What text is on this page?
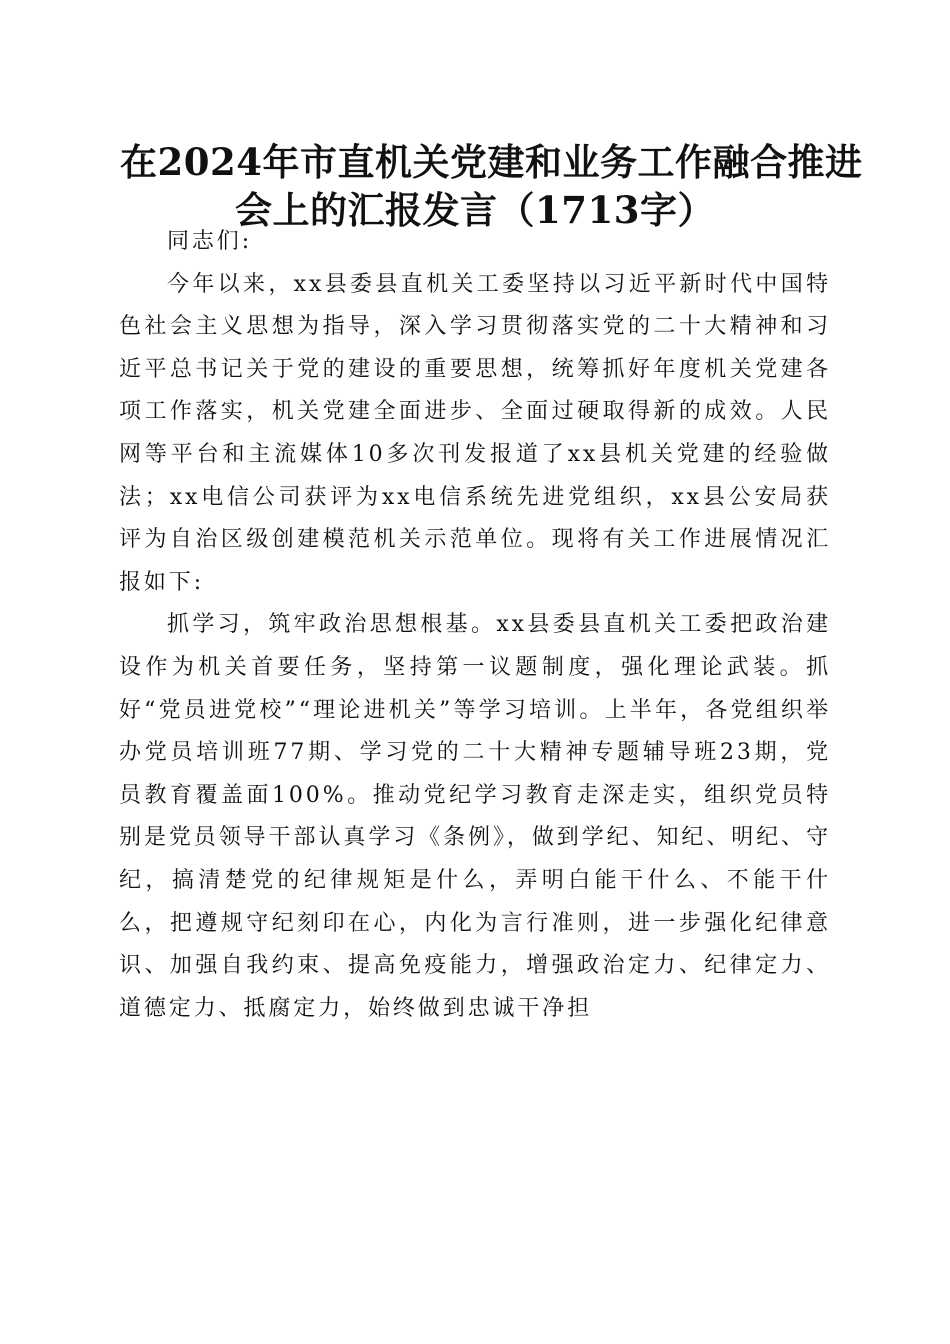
在2024年市直机关党建和业务工作融合推进
会上的汇报发言（1713字）

同志们:

今年以来，xx县委县直机关工委坚持以习近平新时代中国特色社会主义思想为指导，深入学习贯彻落实党的二十大精神和习近平总书记关于党的建设的重要思想，统筹抓好年度机关党建各项工作落实，机关党建全面进步、全面过硬取得新的成效。人民网等平台和主流媒体10多次刊发报道了xx县机关党建的经验做法；xx电信公司获评为xx电信系统先进党组织，xx县公安局获评为自治区级创建模范机关示范单位。现将有关工作进展情况汇报如下:

抓学习，筑牢政治思想根基。xx县委县直机关工委把政治建设作为机关首要任务，坚持第一议题制度，强化理论武装。抓好“党员进党校”“理论进机关”等学习培训。上半年，各党组织举办党员培训班77期、学习党的二十大精神专题辅导班23期，党员教育覆盖面100%。推动党纪学习教育走深走实，组织党员特别是党员领导干部认真学习《条例》，做到学纪、知纪、明纪、守纪，搞清楚党的纪律规矩是什么，弄明白能干什么、不能干什么，把遵规守纪刻印在心，内化为言行准则，进一步强化纪律意识、加强自我约束、提高免疫能力，增强政治定力、纪律定力、道德定力、抵腐定力，始终做到忠诚干净担
